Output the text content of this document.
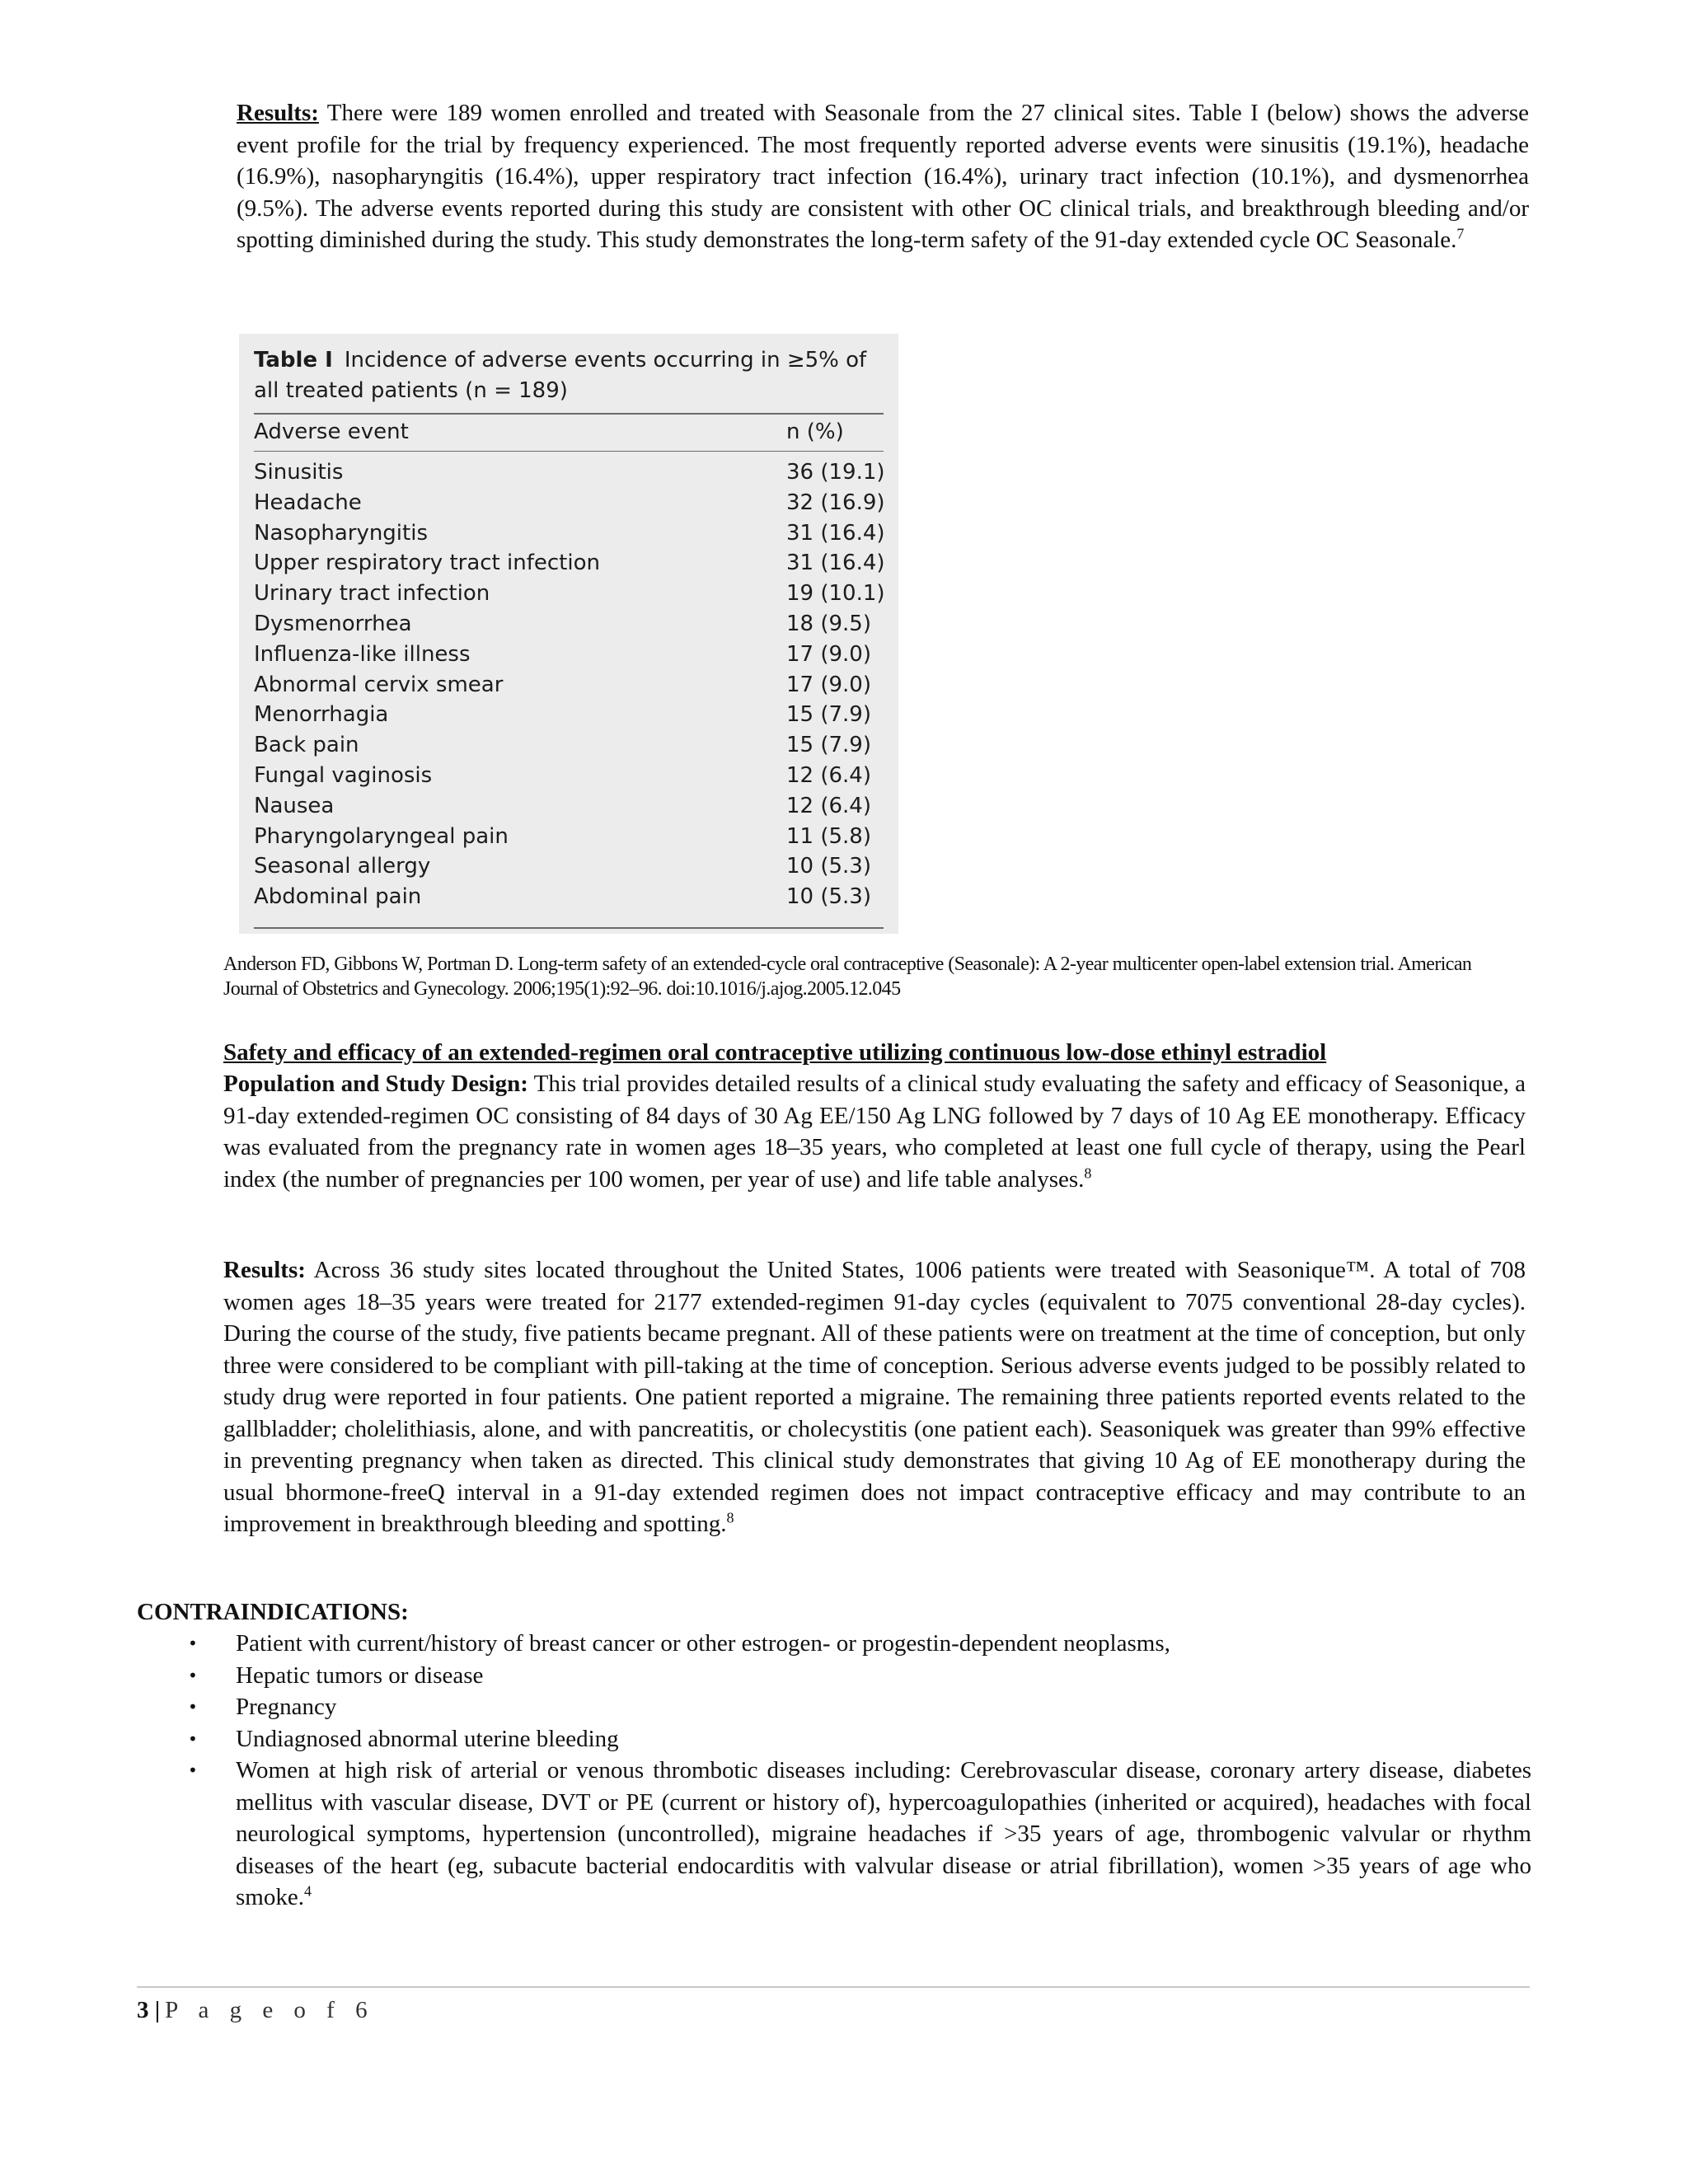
Results: There were 189 women enrolled and treated with Seasonale from the 27 clinical sites. Table I (below) shows the adverse event profile for the trial by frequency experienced. The most frequently reported adverse events were sinusitis (19.1%), headache (16.9%), nasopharyngitis (16.4%), upper respiratory tract infection (16.4%), urinary tract infection (10.1%), and dysmenorrhea (9.5%). The adverse events reported during this study are consistent with other OC clinical trials, and breakthrough bleeding and/or spotting diminished during the study. This study demonstrates the long-term safety of the 91-day extended cycle OC Seasonale.$^7$
Table I Incidence of adverse events occurring in ≥5% of all treated patients (n = 189)
Adverse event	n (%)
Sinusitis	36 (19.1)
Headache	32 (16.9)
Nasopharyngitis	31 (16.4)
Upper respiratory tract infection	31 (16.4)
Urinary tract infection	19 (10.1)
Dysmenorrhea	18 (9.5)
Influenza-like illness	17 (9.0)
Abnormal cervix smear	17 (9.0)
Menorrhagia	15 (7.9)
Back pain	15 (7.9)
Fungal vaginosis	12 (6.4)
Nausea	12 (6.4)
Pharyngolaryngeal pain	11 (5.8)
Seasonal allergy	10 (5.3)
Abdominal pain	10 (5.3)
Anderson FD, Gibbons W, Portman D. Long-term safety of an extended-cycle oral contraceptive (Seasonale): A 2-year multicenter open-label extension trial. American Journal of Obstetrics and Gynecology. 2006;195(1):92–96. doi:10.1016/j.ajog.2005.12.045
Safety and efficacy of an extended-regimen oral contraceptive utilizing continuous low-dose ethinyl estradiol
Population and Study Design: This trial provides detailed results of a clinical study evaluating the safety and efficacy of Seasonique, a 91-day extended-regimen OC consisting of 84 days of 30 Ag EE/150 Ag LNG followed by 7 days of 10 Ag EE monotherapy. Efficacy was evaluated from the pregnancy rate in women ages 18–35 years, who completed at least one full cycle of therapy, using the Pearl index (the number of pregnancies per 100 women, per year of use) and life table analyses.$^8$
Results: Across 36 study sites located throughout the United States, 1006 patients were treated with Seasonique™. A total of 708 women ages 18–35 years were treated for 2177 extended-regimen 91-day cycles (equivalent to 7075 conventional 28-day cycles). During the course of the study, five patients became pregnant. All of these patients were on treatment at the time of conception, but only three were considered to be compliant with pill-taking at the time of conception. Serious adverse events judged to be possibly related to study drug were reported in four patients. One patient reported a migraine. The remaining three patients reported events related to the gallbladder; cholelithiasis, alone, and with pancreatitis, or cholecystitis (one patient each). Seasoniquek was greater than 99% effective in preventing pregnancy when taken as directed. This clinical study demonstrates that giving 10 Ag of EE monotherapy during the usual bhormone-freeQ interval in a 91-day extended regimen does not impact contraceptive efficacy and may contribute to an improvement in breakthrough bleeding and spotting.$^8$
CONTRAINDICATIONS:
• Patient with current/history of breast cancer or other estrogen- or progestin-dependent neoplasms,
• Hepatic tumors or disease
• Pregnancy
• Undiagnosed abnormal uterine bleeding
• Women at high risk of arterial or venous thrombotic diseases including: Cerebrovascular disease, coronary artery disease, diabetes mellitus with vascular disease, DVT or PE (current or history of), hypercoagulopathies (inherited or acquired), headaches with focal neurological symptoms, hypertension (uncontrolled), migraine headaches if >35 years of age, thrombogenic valvular or rhythm diseases of the heart (eg, subacute bacterial endocarditis with valvular disease or atrial fibrillation), women >35 years of age who smoke.$^4$
3 | P a g e o f 6
